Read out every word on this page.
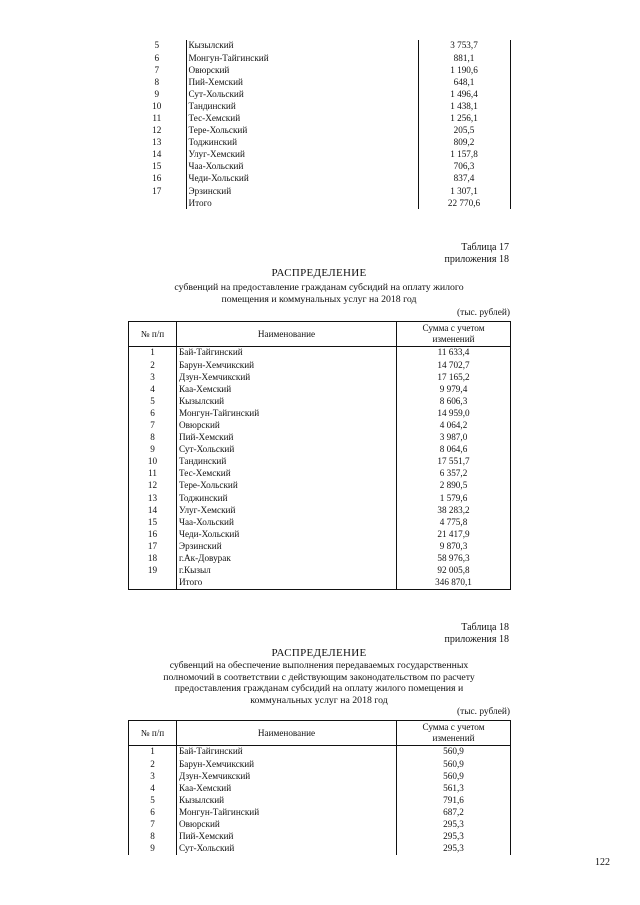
5	Кызылский	3 753,7
6	Монгун-Тайгинский	881,1
7	Овюрский	1 190,6
8	Пий-Хемский	648,1
9	Сут-Хольский	1 496,4
10	Тандинский	1 438,1
11	Тес-Хемский	1 256,1
12	Тере-Хольский	205,5
13	Тоджинский	809,2
14	Улуг-Хемский	1 157,8
15	Чаа-Хольский	706,3
16	Чеди-Хольский	837,4
17	Эрзинский	1 307,1
	Итого	22 770,6
Таблица 17
приложения 18
РАСПРЕДЕЛЕНИЕ
субвенций на предоставление гражданам субсидий на оплату жилого
помещения и коммунальных услуг на 2018 год
(тыс. рублей)
№ п/п	Наименование	Сумма с учетом
изменений

1	Бай-Тайгинский	11 633,4
2	Барун-Хемчикский	14 702,7
3	Дзун-Хемчикский	17 165,2
4	Каа-Хемский	9 979,4
5	Кызылский	8 606,3
6	Монгун-Тайгинский	14 959,0
7	Овюрский	4 064,2
8	Пий-Хемский	3 987,0
9	Сут-Хольский	8 064,6
10	Тандинский	17 551,7
11	Тес-Хемский	6 357,2
12	Тере-Хольский	2 890,5
13	Тоджинский	1 579,6
14	Улуг-Хемский	38 283,2
15	Чаа-Хольский	4 775,8
16	Чеди-Хольский	21 417,9
17	Эрзинский	9 870,3
18	г.Ак-Довурак	58 976,3
19	г.Кызыл	92 005,8
	Итого	346 870,1
Таблица 18
приложения 18
РАСПРЕДЕЛЕНИЕ
субвенций на обеспечение выполнения передаваемых государственных
полномочий в соответствии с действующим законодательством по расчету
предоставления гражданам субсидий на оплату жилого помещения и
коммунальных услуг на 2018 год
(тыс. рублей)
№ п/п	Наименование	Сумма с учетом
изменений

1	Бай-Тайгинский	560,9
2	Барун-Хемчикский	560,9
3	Дзун-Хемчикский	560,9
4	Каа-Хемский	561,3
5	Кызылский	791,6
6	Монгун-Тайгинский	687,2
7	Овюрский	295,3
8	Пий-Хемский	295,3
9	Сут-Хольский	295,3
122
